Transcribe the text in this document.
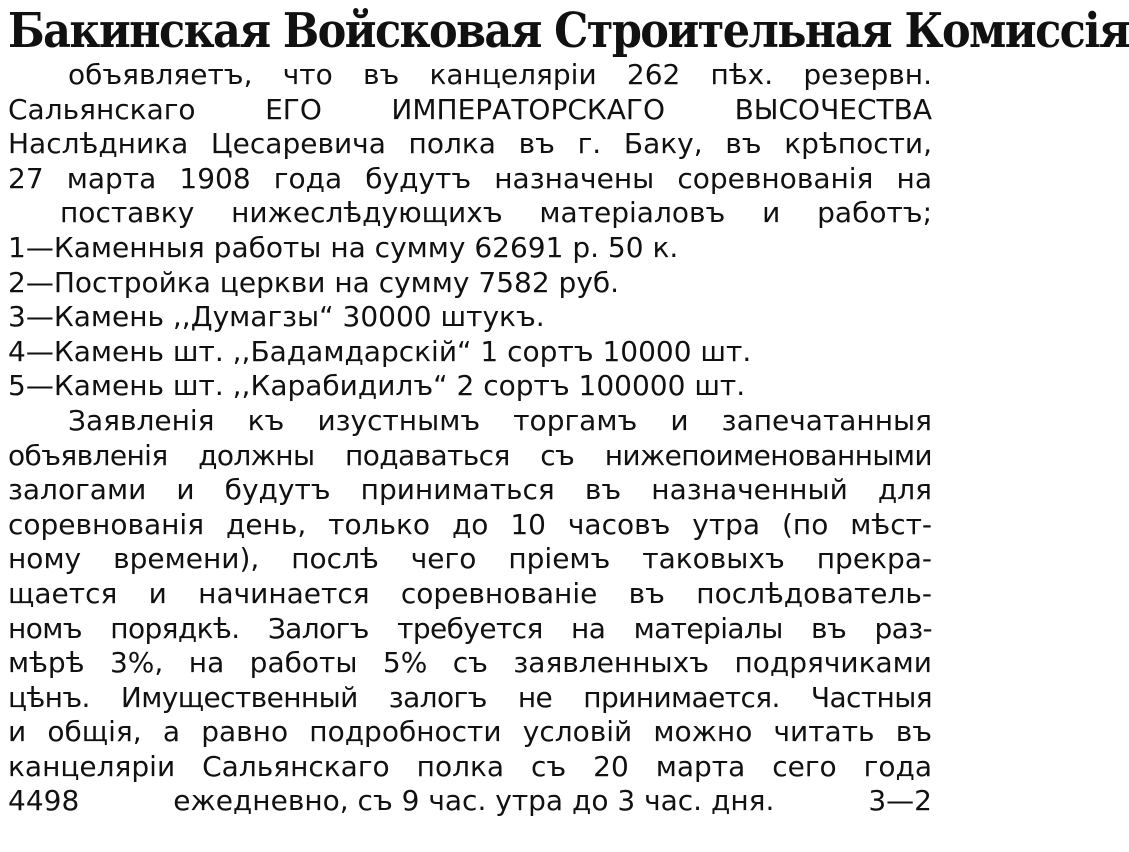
Бакинская Войсковая Строительная Комиссія
объявляетъ, что въ канцеляріи 262 пѣх. резервн.
Сальянскаго ЕГО ИМПЕРАТОРСКАГО ВЫСОЧЕСТВА
Наслѣдника Цесаревича полка въ г. Баку, въ крѣпости,
27 марта 1908 года будутъ назначены соревнованія на
поставку нижеслѣдующихъ матеріаловъ и работъ;
1—Каменныя работы на сумму 62691 р. 50 к.
2—Постройка церкви на сумму 7582 руб.
3—Камень ,,Думагзы“ 30000 штукъ.
4—Камень шт. ,,Бадамдарскій“ 1 сортъ 10000 шт.
5—Камень шт. ,,Карабидилъ“ 2 сортъ 100000 шт.
Заявленія къ изустнымъ торгамъ и запечатанныя
объявленія должны подаваться съ нижепоименованными
залогами и будутъ приниматься въ назначенный для
соревнованія день, только до 10 часовъ утра (по мѣст-
ному времени), послѣ чего пріемъ таковыхъ прекра-
щается и начинается соревнованіе въ послѣдователь-
номъ порядкѣ. Залогъ требуется на матеріалы въ раз-
мѣрѣ 3%, на работы 5% съ заявленныхъ подрячиками
цѣнъ. Имущественный залогъ не принимается. Частныя
и общія, а равно подробности условій можно читать въ
канцеляріи Сальянскаго полка съ 20 марта сего года
4498	ежедневно, съ 9 час. утра до 3 час. дня.	3—2
